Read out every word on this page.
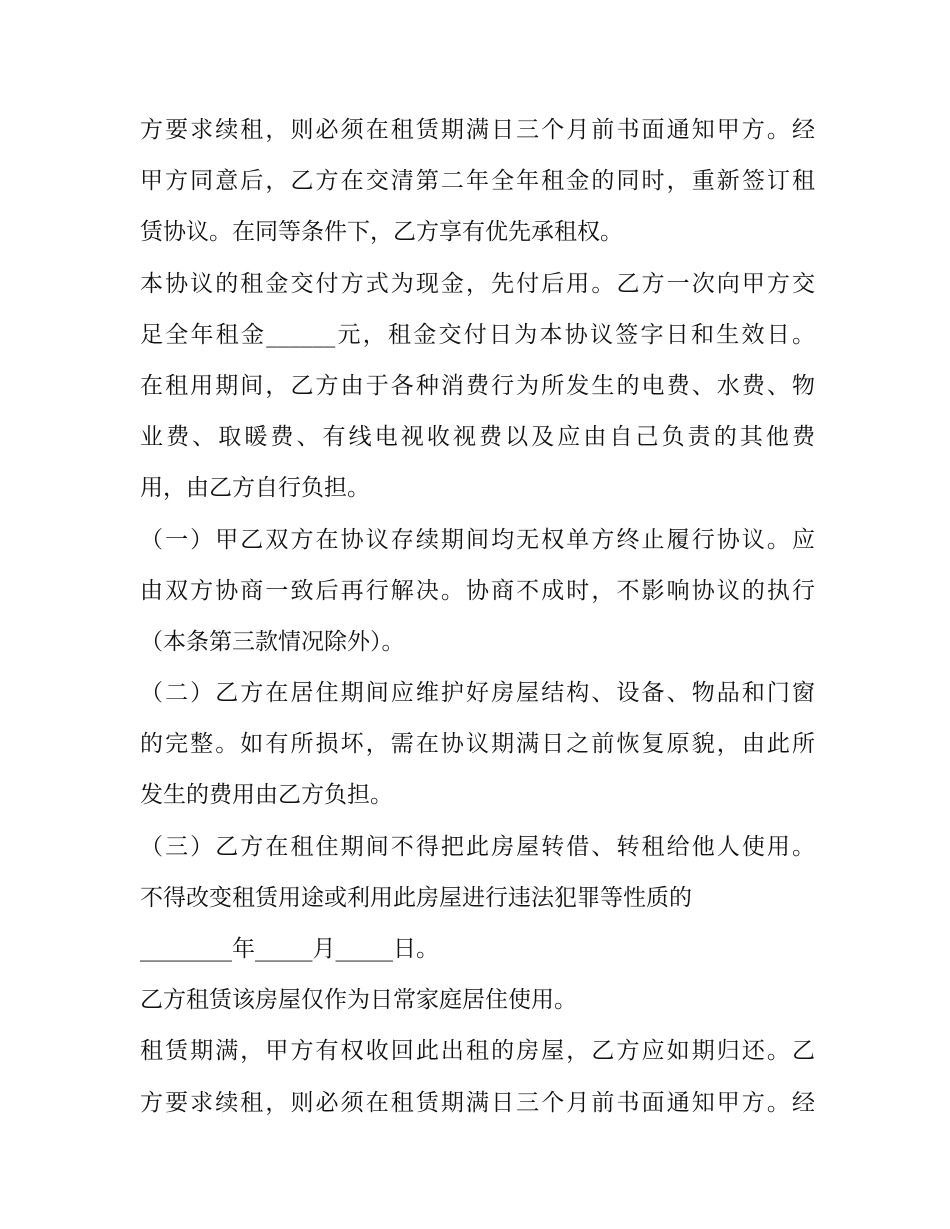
方要求续租，则必须在租赁期满日三个月前书面通知甲方。经
甲方同意后，乙方在交清第二年全年租金的同时，重新签订租
赁协议。在同等条件下，乙方享有优先承租权。
本协议的租金交付方式为现金，先付后用。乙方一次向甲方交
足全年租金______元，租金交付日为本协议签字日和生效日。
在租用期间，乙方由于各种消费行为所发生的电费、水费、物
业费、取暖费、有线电视收视费以及应由自己负责的其他费
用，由乙方自行负担。
（一）甲乙双方在协议存续期间均无权单方终止履行协议。应
由双方协商一致后再行解决。协商不成时，不影响协议的执行
（本条第三款情况除外）。
（二）乙方在居住期间应维护好房屋结构、设备、物品和门窗
的完整。如有所损坏，需在协议期满日之前恢复原貌，由此所
发生的费用由乙方负担。
（三）乙方在租住期间不得把此房屋转借、转租给他人使用。
不得改变租赁用途或利用此房屋进行违法犯罪等性质的
________年_____月_____日。
乙方租赁该房屋仅作为日常家庭居住使用。
租赁期满，甲方有权收回此出租的房屋，乙方应如期归还。乙
方要求续租，则必须在租赁期满日三个月前书面通知甲方。经
